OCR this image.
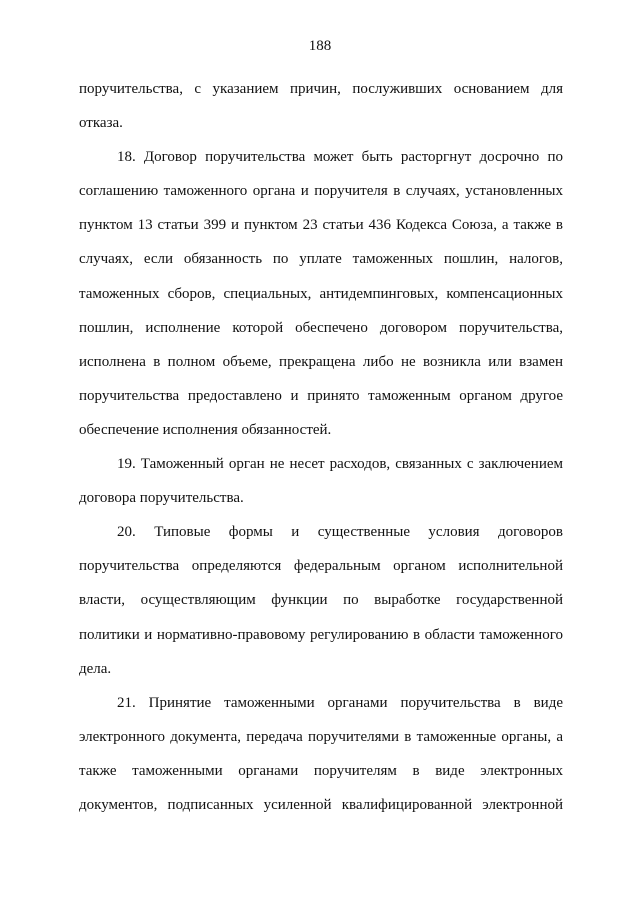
188

поручительства, с указанием причин, послуживших основанием для
отказа.

18. Договор поручительства может быть расторгнут досрочно по
соглашению таможенного органа и поручителя в случаях, установленных
пунктом 13 статьи 399 и пунктом 23 статьи 436 Кодекса Союза, а также в
случаях, если обязанность по уплате таможенных пошлин, налогов,
таможенных сборов, специальных, антидемпинговых, компенсационных
пошлин, исполнение которой обеспечено договором поручительства,
исполнена в полном объеме, прекращена либо не возникла или взамен
поручительства предоставлено и принято таможенным органом другое
обеспечение исполнения обязанностей.

19. Таможенный орган не несет расходов, связанных с заключением
договора поручительства.

20. Типовые формы и существенные условия договоров
поручительства определяются федеральным органом исполнительной
власти, осуществляющим функции по выработке государственной
политики и нормативно-правовому регулированию в области таможенного
дела.

21. Принятие таможенными органами поручительства в виде
электронного документа, передача поручителями в таможенные органы, а
также таможенными органами поручителям в виде электронных
документов, подписанных усиленной квалифицированной электронной
